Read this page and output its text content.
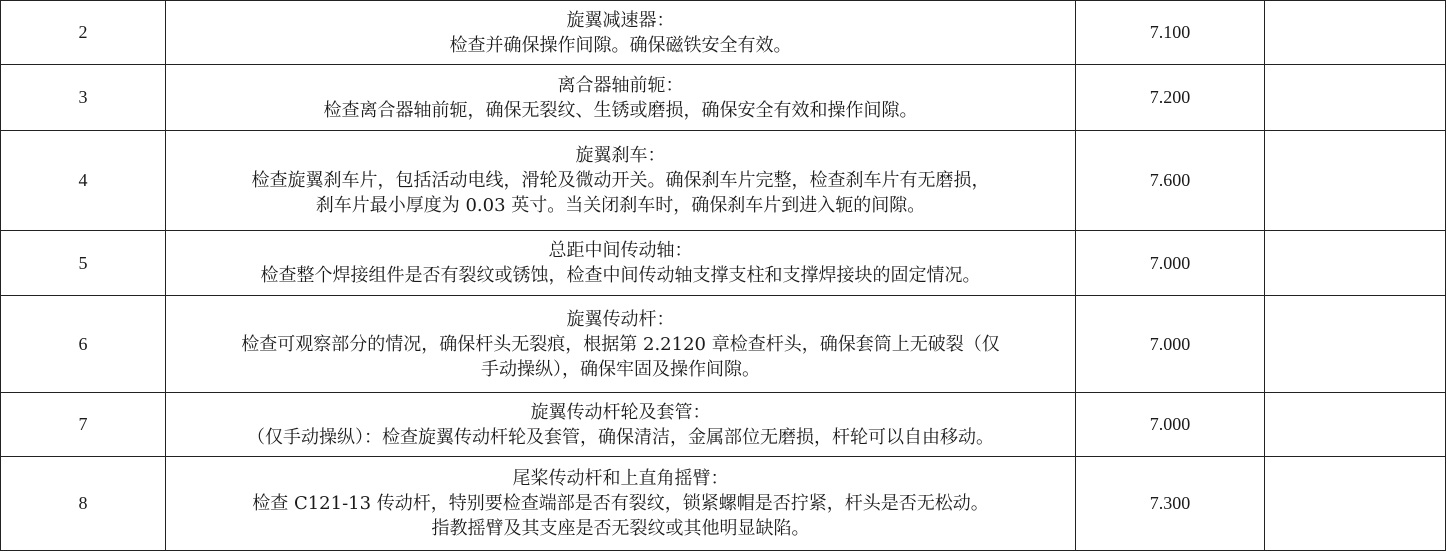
2	旋翼减速器：
检查并确保操作间隙。确保磁铁安全有效。	7.100	
3	离合器轴前轭：
检查离合器轴前轭，确保无裂纹、生锈或磨损，确保安全有效和操作间隙。	7.200	
4	旋翼刹车：
检查旋翼刹车片，包括活动电线，滑轮及微动开关。确保刹车片完整，检查刹车片有无磨损，
刹车片最小厚度为 0.03 英寸。当关闭刹车时，确保刹车片到进入轭的间隙。	7.600	
5	总距中间传动轴：
检查整个焊接组件是否有裂纹或锈蚀，检查中间传动轴支撑支柱和支撑焊接块的固定情况。	7.000	
6	旋翼传动杆：
检查可观察部分的情况，确保杆头无裂痕，根据第 2.2120 章检查杆头，确保套筒上无破裂（仅
手动操纵），确保牢固及操作间隙。	7.000	
7	旋翼传动杆轮及套管：
（仅手动操纵）：检查旋翼传动杆轮及套管，确保清洁，金属部位无磨损，杆轮可以自由移动。	7.000	
8	尾桨传动杆和上直角摇臂：
检查 C121-13 传动杆，特别要检查端部是否有裂纹，锁紧螺帽是否拧紧，杆头是否无松动。
指教摇臂及其支座是否无裂纹或其他明显缺陷。	7.300	
